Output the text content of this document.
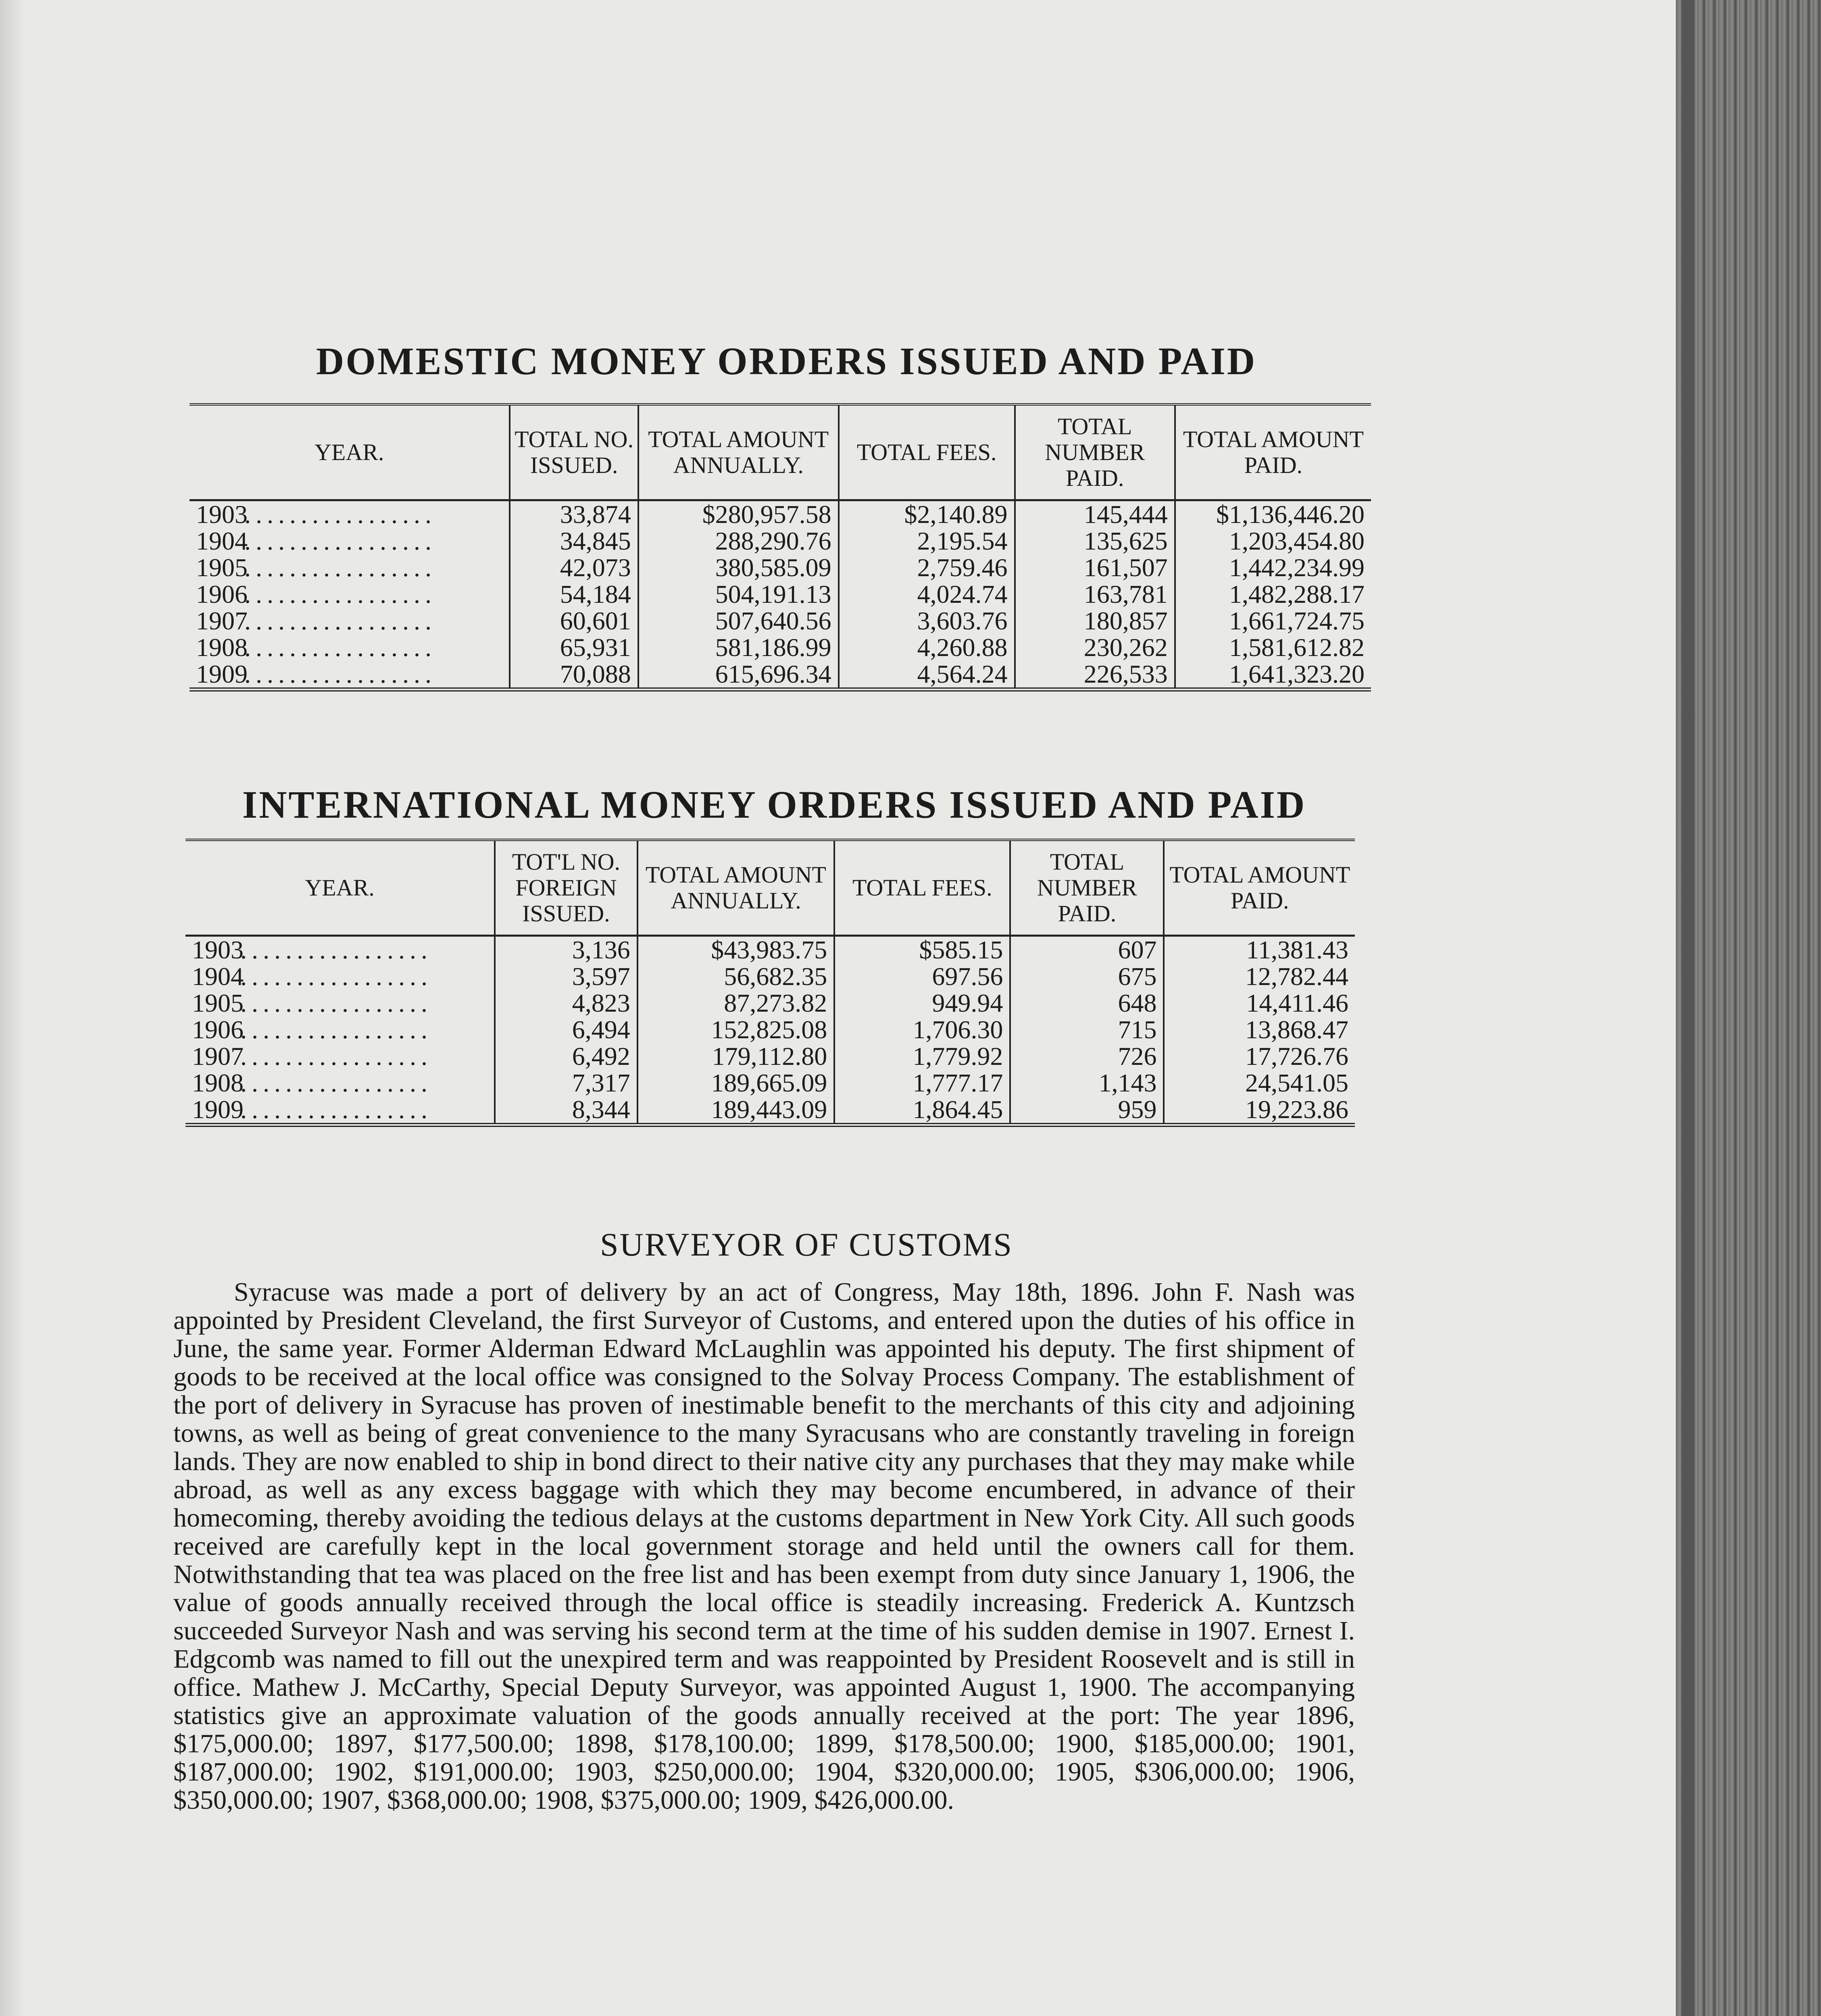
DOMESTIC MONEY ORDERS ISSUED AND PAID
YEAR.	TOTAL NO. ISSUED.	TOTAL AMOUNT ANNUALLY.	TOTAL FEES.	TOTAL NUMBER PAID.	TOTAL AMOUNT PAID.
1903.................	33,874	$280,957.58	$2,140.89	145,444	$1,136,446.20
1904.................	34,845	288,290.76	2,195.54	135,625	1,203,454.80
1905.................	42,073	380,585.09	2,759.46	161,507	1,442,234.99
1906.................	54,184	504,191.13	4,024.74	163,781	1,482,288.17
1907.................	60,601	507,640.56	3,603.76	180,857	1,661,724.75
1908.................	65,931	581,186.99	4,260.88	230,262	1,581,612.82
1909.................	70,088	615,696.34	4,564.24	226,533	1,641,323.20
INTERNATIONAL MONEY ORDERS ISSUED AND PAID
YEAR.	TOT'L NO. FOREIGN ISSUED.	TOTAL AMOUNT ANNUALLY.	TOTAL FEES.	TOTAL NUMBER PAID.	TOTAL AMOUNT PAID.
1903.................	3,136	$43,983.75	$585.15	607	11,381.43
1904.................	3,597	56,682.35	697.56	675	12,782.44
1905.................	4,823	87,273.82	949.94	648	14,411.46
1906.................	6,494	152,825.08	1,706.30	715	13,868.47
1907.................	6,492	179,112.80	1,779.92	726	17,726.76
1908.................	7,317	189,665.09	1,777.17	1,143	24,541.05
1909.................	8,344	189,443.09	1,864.45	959	19,223.86
SURVEYOR OF CUSTOMS
Syracuse was made a port of delivery by an act of Congress, May 18th, 1896. John F. Nash was appointed by President Cleveland, the first Surveyor of Customs, and entered upon the duties of his office in June, the same year. Former Alderman Edward McLaughlin was appointed his deputy. The first shipment of goods to be received at the local office was consigned to the Solvay Process Company. The establishment of the port of delivery in Syracuse has proven of inestimable benefit to the merchants of this city and adjoining towns, as well as being of great convenience to the many Syracusans who are constantly traveling in foreign lands. They are now enabled to ship in bond direct to their native city any purchases that they may make while abroad, as well as any excess baggage with which they may become encumbered, in advance of their homecoming, thereby avoiding the tedious delays at the customs department in New York City. All such goods received are carefully kept in the local government storage and held until the owners call for them. Notwithstanding that tea was placed on the free list and has been exempt from duty since January 1, 1906, the value of goods annually received through the local office is steadily increasing. Frederick A. Kuntzsch succeeded Surveyor Nash and was serving his second term at the time of his sudden demise in 1907. Ernest I. Edgcomb was named to fill out the unexpired term and was reappointed by President Roosevelt and is still in office. Mathew J. McCarthy, Special Deputy Surveyor, was appointed August 1, 1900. The accompanying statistics give an approximate valuation of the goods annually received at the port: The year 1896, $175,000.00; 1897, $177,500.00; 1898, $178,100.00; 1899, $178,500.00; 1900, $185,000.00; 1901, $187,000.00; 1902, $191,000.00; 1903, $250,000.00; 1904, $320,000.00; 1905, $306,000.00; 1906, $350,000.00; 1907, $368,000.00; 1908, $375,000.00; 1909, $426,000.00.
